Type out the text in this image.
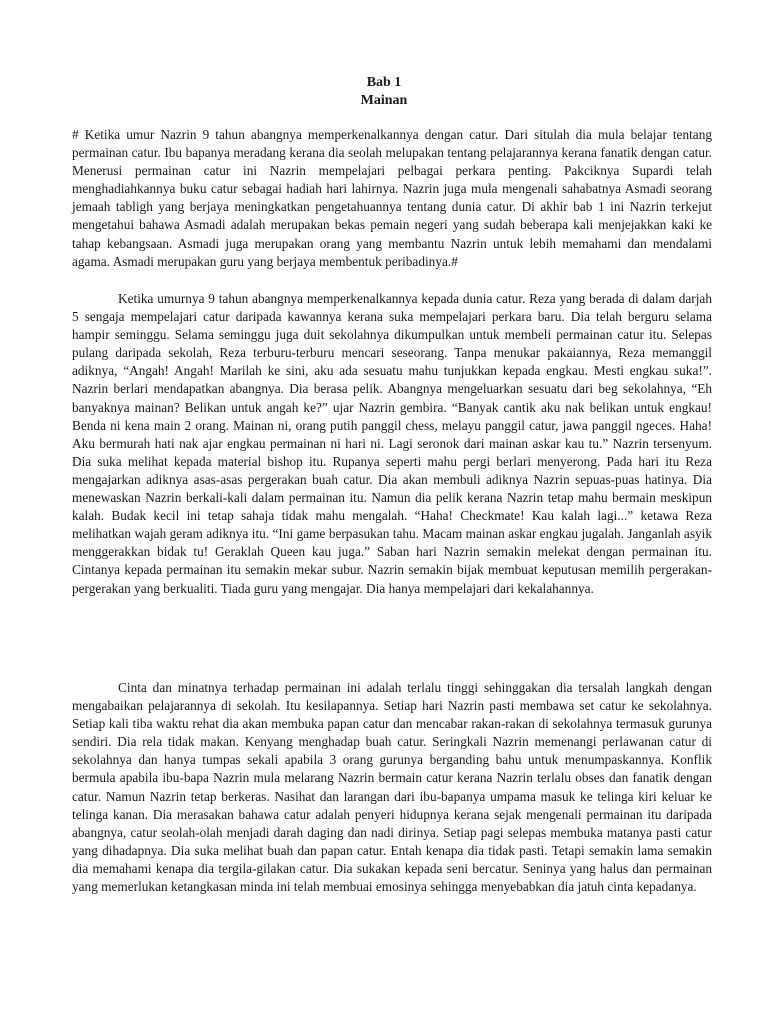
Bab 1
Mainan

# Ketika umur Nazrin 9 tahun abangnya memperkenalkannya dengan catur. Dari situlah dia mula belajar tentang permainan catur. Ibu bapanya meradang kerana dia seolah melupakan tentang pelajarannya kerana fanatik dengan catur. Menerusi permainan catur ini Nazrin mempelajari pelbagai perkara penting. Pakciknya Supardi telah menghadiahkannya buku catur sebagai hadiah hari lahirnya. Nazrin juga mula mengenali sahabatnya Asmadi seorang jemaah tabligh yang berjaya meningkatkan pengetahuannya tentang dunia catur. Di akhir bab 1 ini Nazrin terkejut mengetahui bahawa Asmadi adalah merupakan bekas pemain negeri yang sudah beberapa kali menjejakkan kaki ke tahap kebangsaan. Asmadi juga merupakan orang yang membantu Nazrin untuk lebih memahami dan mendalami agama. Asmadi merupakan guru yang berjaya membentuk peribadinya.#

Ketika umurnya 9 tahun abangnya memperkenalkannya kepada dunia catur. Reza yang berada di dalam darjah 5 sengaja mempelajari catur daripada kawannya kerana suka mempelajari perkara baru. Dia telah berguru selama hampir seminggu. Selama seminggu juga duit sekolahnya dikumpulkan untuk membeli permainan catur itu. Selepas pulang daripada sekolah, Reza terburu-terburu mencari seseorang. Tanpa menukar pakaiannya, Reza memanggil adiknya, “Angah! Angah! Marilah ke sini, aku ada sesuatu mahu tunjukkan kepada engkau. Mesti engkau suka!”. Nazrin berlari mendapatkan abangnya. Dia berasa pelik. Abangnya mengeluarkan sesuatu dari beg sekolahnya, “Eh banyaknya mainan? Belikan untuk angah ke?” ujar Nazrin gembira. “Banyak cantik aku nak belikan untuk engkau! Benda ni kena main 2 orang. Mainan ni, orang putih panggil chess, melayu panggil catur, jawa panggil ngeces. Haha! Aku bermurah hati nak ajar engkau permainan ni hari ni. Lagi seronok dari mainan askar kau tu.” Nazrin tersenyum. Dia suka melihat kepada material bishop itu. Rupanya seperti mahu pergi berlari menyerong. Pada hari itu Reza mengajarkan adiknya asas-asas pergerakan buah catur. Dia akan membuli adiknya Nazrin sepuas-puas hatinya. Dia menewaskan Nazrin berkali-kali dalam permainan itu. Namun dia pelik kerana Nazrin tetap mahu bermain meskipun kalah. Budak kecil ini tetap sahaja tidak mahu mengalah. “Haha! Checkmate! Kau kalah lagi...” ketawa Reza melihatkan wajah geram adiknya itu. “Ini game berpasukan tahu. Macam mainan askar engkau jugalah. Janganlah asyik menggerakkan bidak tu! Geraklah Queen kau juga.” Saban hari Nazrin semakin melekat dengan permainan itu. Cintanya kepada permainan itu semakin mekar subur. Nazrin semakin bijak membuat keputusan memilih pergerakan-pergerakan yang berkualiti. Tiada guru yang mengajar. Dia hanya mempelajari dari kekalahannya.

Cinta dan minatnya terhadap permainan ini adalah terlalu tinggi sehinggakan dia tersalah langkah dengan mengabaikan pelajarannya di sekolah. Itu kesilapannya. Setiap hari Nazrin pasti membawa set catur ke sekolahnya. Setiap kali tiba waktu rehat dia akan membuka papan catur dan mencabar rakan-rakan di sekolahnya termasuk gurunya sendiri. Dia rela tidak makan. Kenyang menghadap buah catur. Seringkali Nazrin memenangi perlawanan catur di sekolahnya dan hanya tumpas sekali apabila 3 orang gurunya berganding bahu untuk menumpaskannya. Konflik bermula apabila ibu-bapa Nazrin mula melarang Nazrin bermain catur kerana Nazrin terlalu obses dan fanatik dengan catur. Namun Nazrin tetap berkeras. Nasihat dan larangan dari ibu-bapanya umpama masuk ke telinga kiri keluar ke telinga kanan. Dia merasakan bahawa catur adalah penyeri hidupnya kerana sejak mengenali permainan itu daripada abangnya, catur seolah-olah menjadi darah daging dan nadi dirinya. Setiap pagi selepas membuka matanya pasti catur yang dihadapnya. Dia suka melihat buah dan papan catur. Entah kenapa dia tidak pasti. Tetapi semakin lama semakin dia memahami kenapa dia tergila-gilakan catur. Dia sukakan kepada seni bercatur. Seninya yang halus dan permainan yang memerlukan ketangkasan minda ini telah membuai emosinya sehingga menyebabkan dia jatuh cinta kepadanya.
